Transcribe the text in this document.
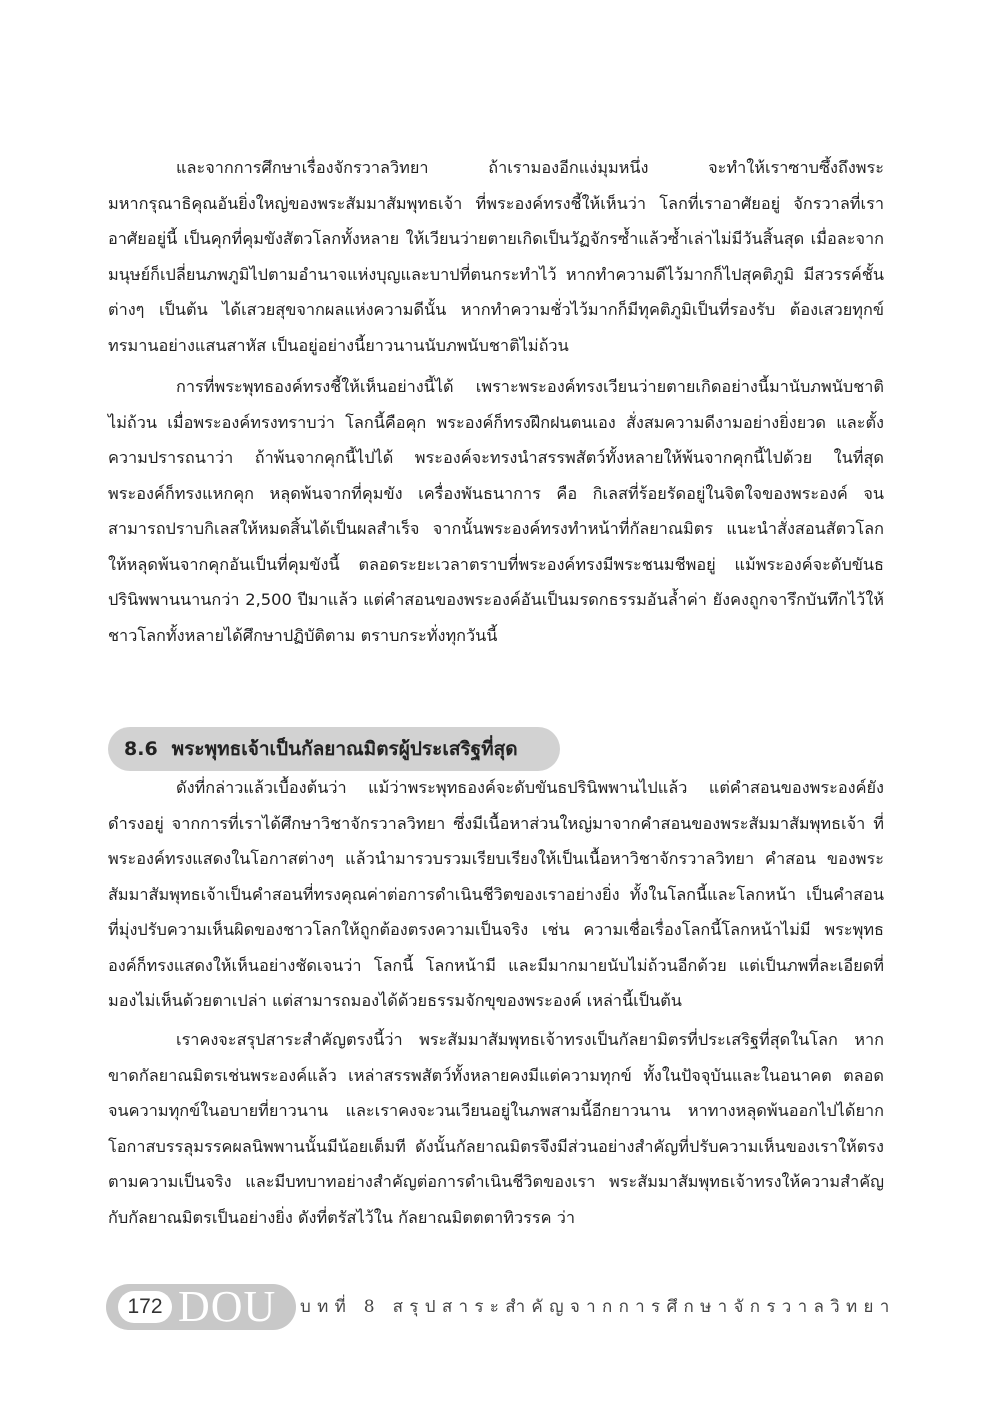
และจากการศึกษาเรื่องจักรวาลวิทยา ถ้าเรามองอีกแง่มุมหนึ่ง จะทำให้เราซาบซึ้งถึงพระมหากรุณาธิคุณอันยิ่งใหญ่ของพระสัมมาสัมพุทธเจ้า ที่พระองค์ทรงชี้ให้เห็นว่า โลกที่เราอาศัยอยู่ จักรวาลที่เราอาศัยอยู่นี้ เป็นคุกที่คุมขังสัตวโลกทั้งหลาย ให้เวียนว่ายตายเกิดเป็นวัฏจักรซ้ำแล้วซ้ำเล่าไม่มีวันสิ้นสุด เมื่อละจากมนุษย์ก็เปลี่ยนภพภูมิไปตามอำนาจแห่งบุญและบาปที่ตนกระทำไว้ หากทำความดีไว้มากก็ไปสุคติภูมิ มีสวรรค์ชั้นต่างๆ เป็นต้น ได้เสวยสุขจากผลแห่งความดีนั้น หากทำความชั่วไว้มากก็มีทุคติภูมิเป็นที่รองรับ ต้องเสวยทุกข์ทรมานอย่างแสนสาหัส เป็นอยู่อย่างนี้ยาวนานนับภพนับชาติไม่ถ้วน

การที่พระพุทธองค์ทรงชี้ให้เห็นอย่างนี้ได้ เพราะพระองค์ทรงเวียนว่ายตายเกิดอย่างนี้มานับภพนับชาติไม่ถ้วน เมื่อพระองค์ทรงทราบว่า โลกนี้คือคุก พระองค์ก็ทรงฝึกฝนตนเอง สั่งสมความดีงามอย่างยิ่งยวด และตั้งความปรารถนาว่า ถ้าพ้นจากคุกนี้ไปได้ พระองค์จะทรงนำสรรพสัตว์ทั้งหลายให้พ้นจากคุกนี้ไปด้วย ในที่สุดพระองค์ก็ทรงแหกคุก หลุดพ้นจากที่คุมขัง เครื่องพันธนาการ คือ กิเลสที่ร้อยรัดอยู่ในจิตใจของพระองค์ จนสามารถปราบกิเลสให้หมดสิ้นได้เป็นผลสำเร็จ จากนั้นพระองค์ทรงทำหน้าที่กัลยาณมิตร แนะนำสั่งสอนสัตวโลก ให้หลุดพ้นจากคุกอันเป็นที่คุมขังนี้ ตลอดระยะเวลาตราบที่พระองค์ทรงมีพระชนมชีพอยู่ แม้พระองค์จะดับขันธปรินิพพานนานกว่า 2,500 ปีมาแล้ว แต่คำสอนของพระองค์อันเป็นมรดกธรรมอันล้ำค่า ยังคงถูกจารึกบันทึกไว้ให้ชาวโลกทั้งหลายได้ศึกษาปฏิบัติตาม ตราบกระทั่งทุกวันนี้

8.6 พระพุทธเจ้าเป็นกัลยาณมิตรผู้ประเสริฐที่สุด

ดังที่กล่าวแล้วเบื้องต้นว่า แม้ว่าพระพุทธองค์จะดับขันธปรินิพพานไปแล้ว แต่คำสอนของพระองค์ยังดำรงอยู่ จากการที่เราได้ศึกษาวิชาจักรวาลวิทยา ซึ่งมีเนื้อหาส่วนใหญ่มาจากคำสอนของพระสัมมาสัมพุทธเจ้า ที่พระองค์ทรงแสดงในโอกาสต่างๆ แล้วนำมารวบรวมเรียบเรียงให้เป็นเนื้อหาวิชาจักรวาลวิทยา คำสอน ของพระสัมมาสัมพุทธเจ้าเป็นคำสอนที่ทรงคุณค่าต่อการดำเนินชีวิตของเราอย่างยิ่ง ทั้งในโลกนี้และโลกหน้า เป็นคำสอนที่มุ่งปรับความเห็นผิดของชาวโลกให้ถูกต้องตรงความเป็นจริง เช่น ความเชื่อเรื่องโลกนี้โลกหน้าไม่มี พระพุทธองค์ก็ทรงแสดงให้เห็นอย่างชัดเจนว่า โลกนี้ โลกหน้ามี และมีมากมายนับไม่ถ้วนอีกด้วย แต่เป็นภพที่ละเอียดที่มองไม่เห็นด้วยตาเปล่า แต่สามารถมองได้ด้วยธรรมจักขุของพระองค์ เหล่านี้เป็นต้น

เราคงจะสรุปสาระสำคัญตรงนี้ว่า พระสัมมาสัมพุทธเจ้าทรงเป็นกัลยามิตรที่ประเสริฐที่สุดในโลก หากขาดกัลยาณมิตรเช่นพระองค์แล้ว เหล่าสรรพสัตว์ทั้งหลายคงมีแต่ความทุกข์ ทั้งในปัจจุบันและในอนาคต ตลอดจนความทุกข์ในอบายที่ยาวนาน และเราคงจะวนเวียนอยู่ในภพสามนี้อีกยาวนาน หาทางหลุดพ้นออกไปได้ยาก โอกาสบรรลุมรรคผลนิพพานนั้นมีน้อยเต็มที ดังนั้นกัลยาณมิตรจึงมีส่วนอย่างสำคัญที่ปรับความเห็นของเราให้ตรงตามความเป็นจริง และมีบทบาทอย่างสำคัญต่อการดำเนินชีวิตของเรา พระสัมมาสัมพุทธเจ้าทรงให้ความสำคัญกับกัลยาณมิตรเป็นอย่างยิ่ง ดังที่ตรัสไว้ใน กัลยาณมิตตตาทิวรรค ว่า

172 DOU บทที่ 8 สรุปสาระสำคัญจากการศึกษาจักรวาลวิทยา
